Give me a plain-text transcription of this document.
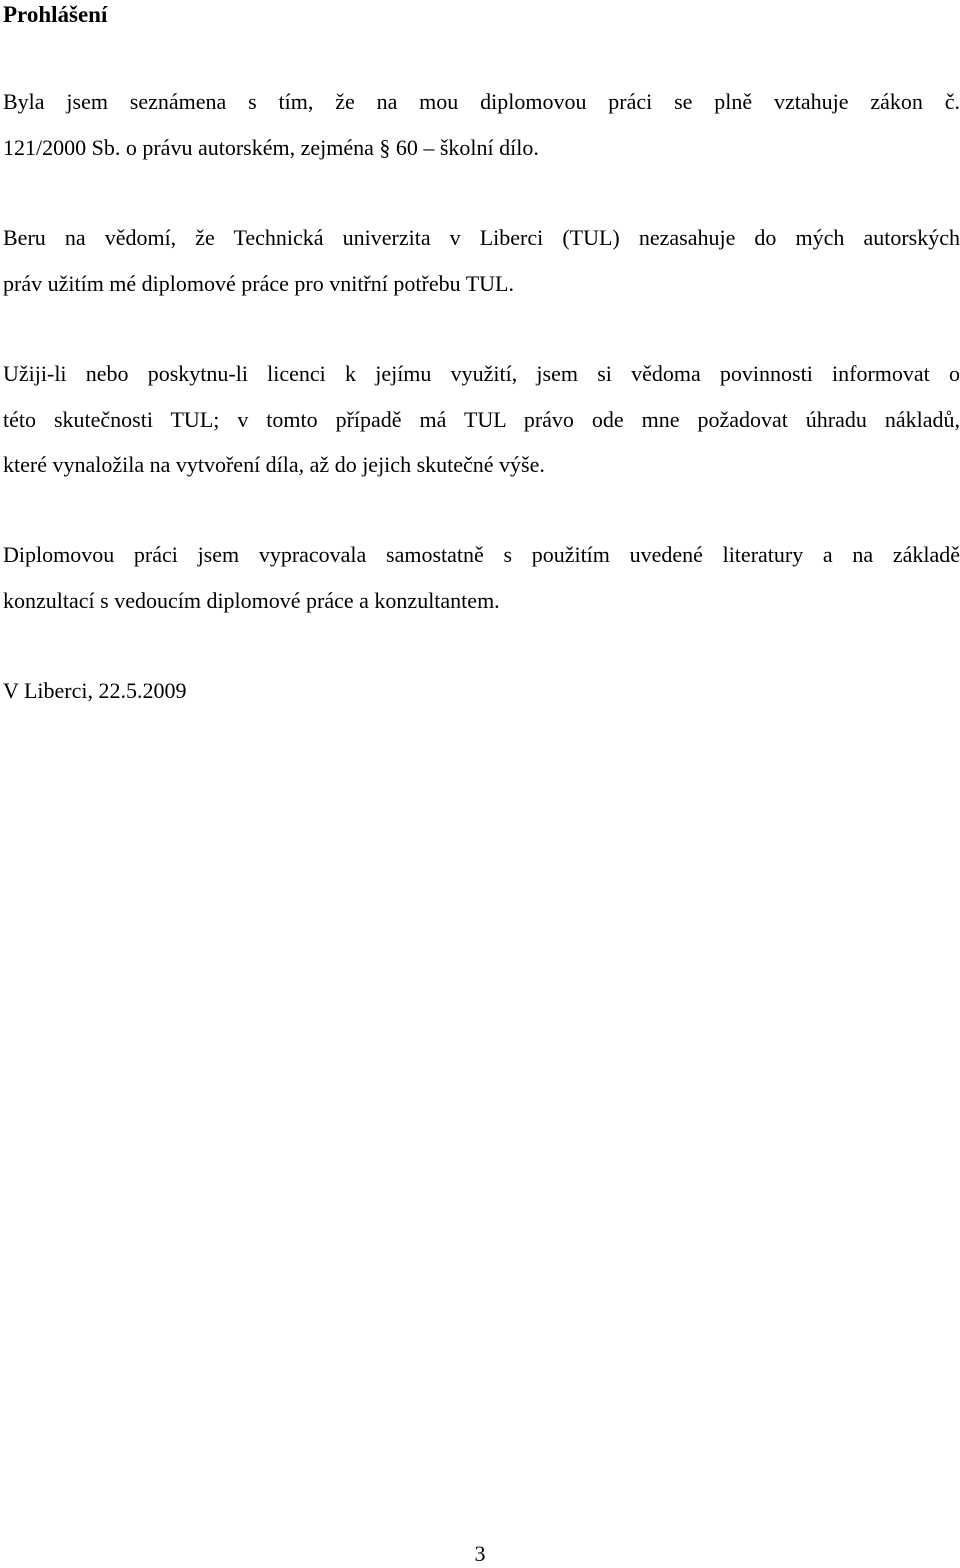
Prohlášení

Byla jsem seznámena s tím, že na mou diplomovou práci se plně vztahuje zákon č.
121/2000 Sb. o právu autorském, zejména § 60 – školní dílo.

Beru na vědomí, že Technická univerzita v Liberci (TUL) nezasahuje do mých autorských
práv užitím mé diplomové práce pro vnitřní potřebu TUL.

Užiji-li nebo poskytnu-li licenci k jejímu využití, jsem si vědoma povinnosti informovat o
této skutečnosti TUL; v tomto případě má TUL právo ode mne požadovat úhradu nákladů,
které vynaložila na vytvoření díla, až do jejich skutečné výše.

Diplomovou práci jsem vypracovala samostatně s použitím uvedené literatury a na základě
konzultací s vedoucím diplomové práce a konzultantem.

V Liberci, 22.5.2009

3
